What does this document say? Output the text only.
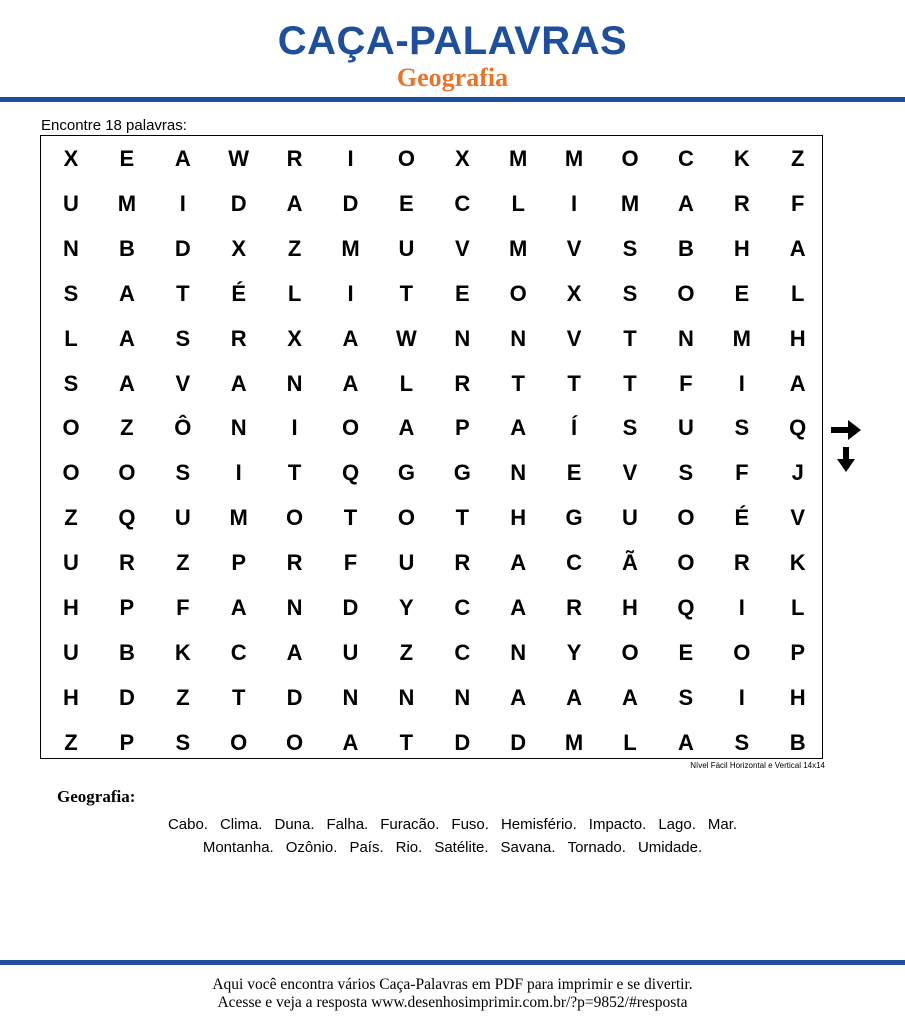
CAÇA-PALAVRAS
Geografia
Encontre 18 palavras:
X	E	A	W	R	I	O	X	M	M	O	C	K	Z
U	M	I	D	A	D	E	C	L	I	M	A	R	F
N	B	D	X	Z	M	U	V	M	V	S	B	H	A
S	A	T	É	L	I	T	E	O	X	S	O	E	L
L	A	S	R	X	A	W	N	N	V	T	N	M	H
S	A	V	A	N	A	L	R	T	T	T	F	I	A
O	Z	Ô	N	I	O	A	P	A	Í	S	U	S	Q
O	O	S	I	T	Q	G	G	N	E	V	S	F	J
Z	Q	U	M	O	T	O	T	H	G	U	O	É	V
U	R	Z	P	R	F	U	R	A	C	Ã	O	R	K
H	P	F	A	N	D	Y	C	A	R	H	Q	I	L
U	B	K	C	A	U	Z	C	N	Y	O	E	O	P
H	D	Z	T	D	N	N	N	A	A	A	S	I	H
Z	P	S	O	O	A	T	D	D	M	L	A	S	B
Nível Fácil Horizontal e Vertical 14x14
Geografia:
Cabo. Clima. Duna. Falha. Furacão. Fuso. Hemisfério. Impacto. Lago. Mar.
Montanha. Ozônio. País. Rio. Satélite. Savana. Tornado. Umidade.
Aqui você encontra vários Caça-Palavras em PDF para imprimir e se divertir.
Acesse e veja a resposta www.desenhosimprimir.com.br/?p=9852/#resposta
